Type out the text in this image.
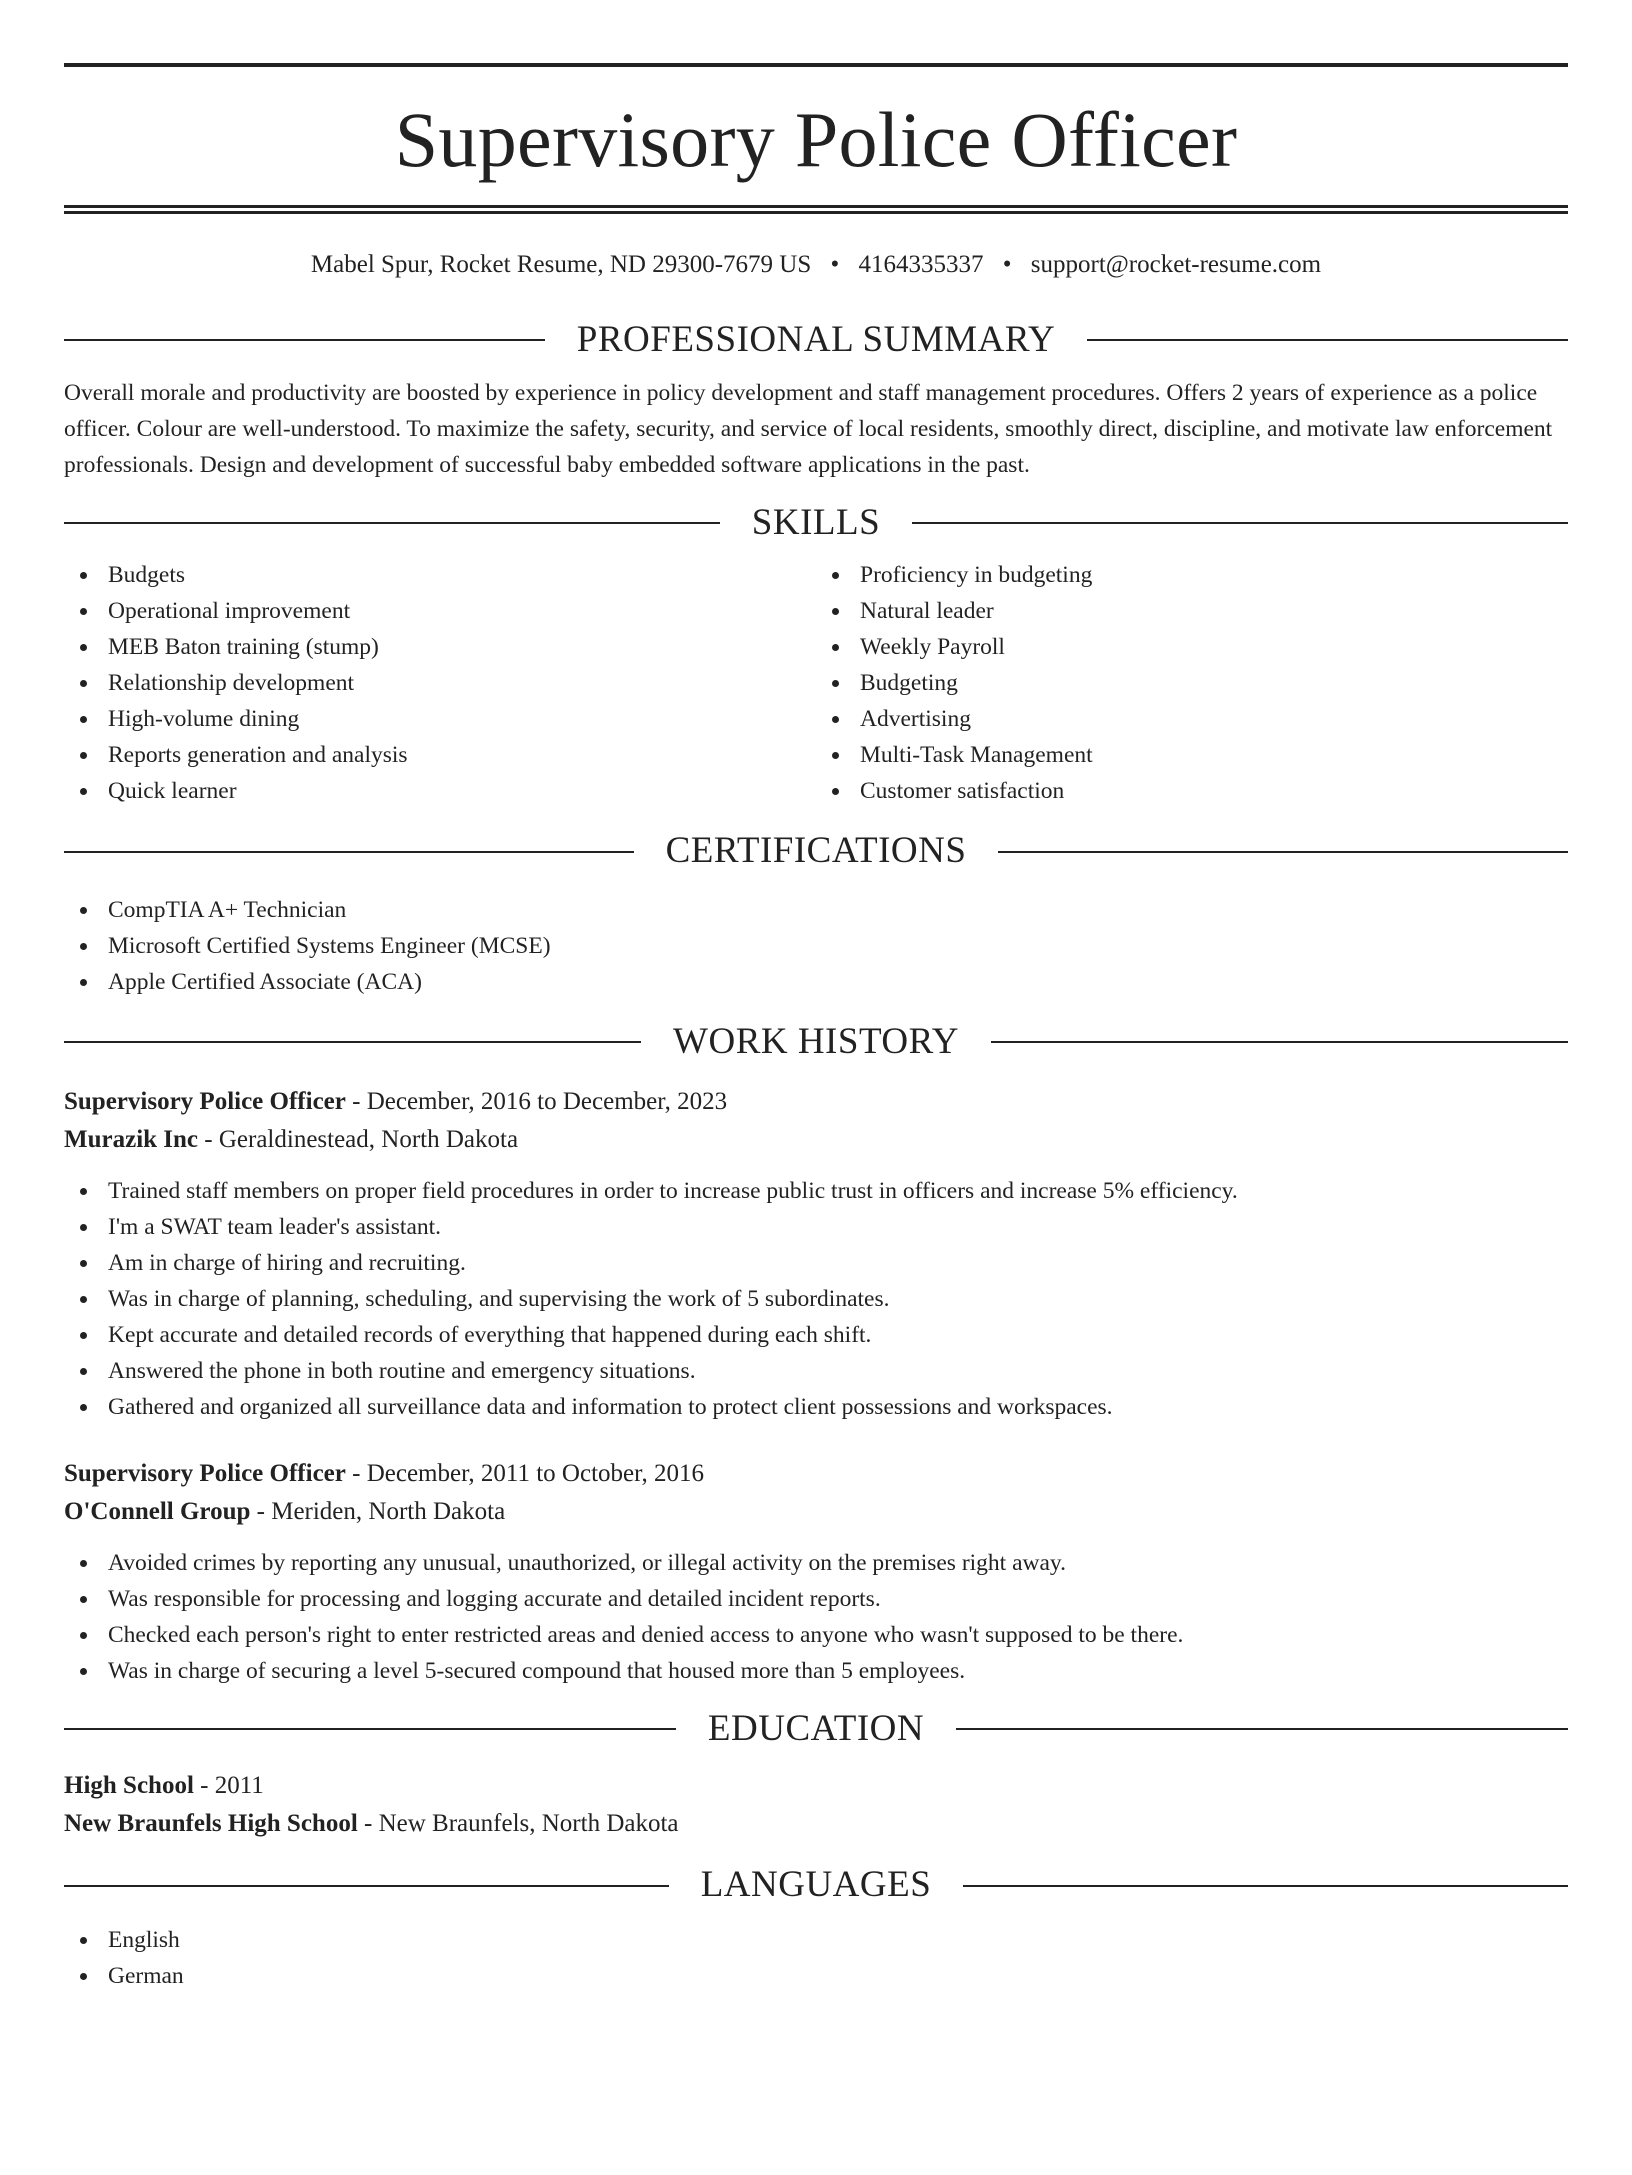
Supervisory Police Officer
Mabel Spur, Rocket Resume, ND 29300-7679 US • 4164335337 • support@rocket-resume.com
PROFESSIONAL SUMMARY
Overall morale and productivity are boosted by experience in policy development and staff management procedures. Offers 2 years of experience as a police officer. Colour are well-understood. To maximize the safety, security, and service of local residents, smoothly direct, discipline, and motivate law enforcement professionals. Design and development of successful baby embedded software applications in the past.
SKILLS
Budgets
Operational improvement
MEB Baton training (stump)
Relationship development
High-volume dining
Reports generation and analysis
Quick learner
Proficiency in budgeting
Natural leader
Weekly Payroll
Budgeting
Advertising
Multi-Task Management
Customer satisfaction
CERTIFICATIONS
CompTIA A+ Technician
Microsoft Certified Systems Engineer (MCSE)
Apple Certified Associate (ACA)
WORK HISTORY
Supervisory Police Officer - December, 2016 to December, 2023
Murazik Inc - Geraldinestead, North Dakota
Trained staff members on proper field procedures in order to increase public trust in officers and increase 5% efficiency.
I'm a SWAT team leader's assistant.
Am in charge of hiring and recruiting.
Was in charge of planning, scheduling, and supervising the work of 5 subordinates.
Kept accurate and detailed records of everything that happened during each shift.
Answered the phone in both routine and emergency situations.
Gathered and organized all surveillance data and information to protect client possessions and workspaces.
Supervisory Police Officer - December, 2011 to October, 2016
O'Connell Group - Meriden, North Dakota
Avoided crimes by reporting any unusual, unauthorized, or illegal activity on the premises right away.
Was responsible for processing and logging accurate and detailed incident reports.
Checked each person's right to enter restricted areas and denied access to anyone who wasn't supposed to be there.
Was in charge of securing a level 5-secured compound that housed more than 5 employees.
EDUCATION
High School - 2011
New Braunfels High School - New Braunfels, North Dakota
LANGUAGES
English
German
